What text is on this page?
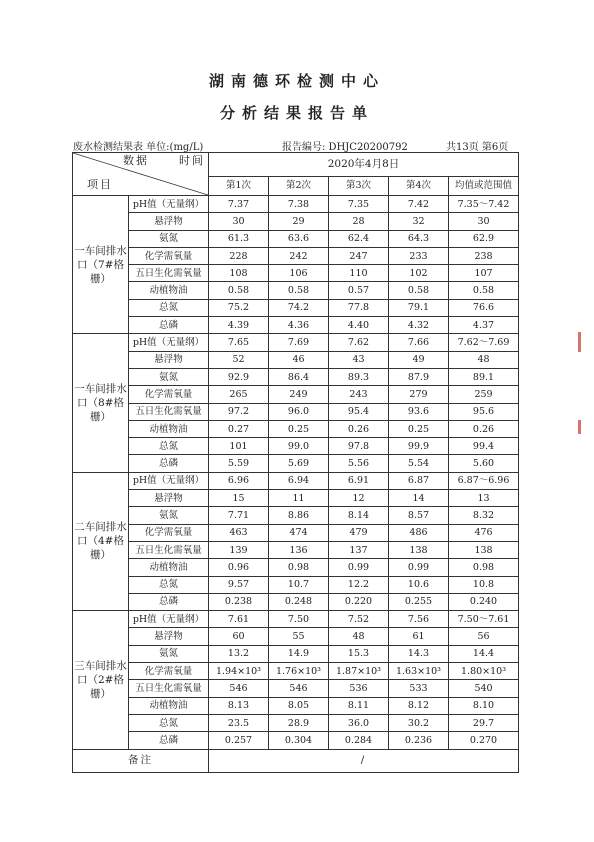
湖南德环检测中心
分析结果报告单
废水检测结果表 单位:(mg/L)	报告编号: DHJC20200792	共13页 第6页
数据 时间
项目		2020年4月8日				
		第1次	第2次	第3次	第4次	均值或范围值
一车间排水口（7#格栅）	pH值（无量纲）	7.37	7.38	7.35	7.42	7.35～7.42
	悬浮物	30	29	28	32	30
	氨氮	61.3	63.6	62.4	64.3	62.9
	化学需氧量	228	242	247	233	238
	五日生化需氧量	108	106	110	102	107
	动植物油	0.58	0.58	0.57	0.58	0.58
	总氮	75.2	74.2	77.8	79.1	76.6
	总磷	4.39	4.36	4.40	4.32	4.37
一车间排水口（8#格栅）	pH值（无量纲）	7.65	7.69	7.62	7.66	7.62～7.69
	悬浮物	52	46	43	49	48
	氨氮	92.9	86.4	89.3	87.9	89.1
	化学需氧量	265	249	243	279	259
	五日生化需氧量	97.2	96.0	95.4	93.6	95.6
	动植物油	0.27	0.25	0.26	0.25	0.26
	总氮	101	99.0	97.8	99.9	99.4
	总磷	5.59	5.69	5.56	5.54	5.60
二车间排水口（4#格栅）	pH值（无量纲）	6.96	6.94	6.91	6.87	6.87～6.96
	悬浮物	15	11	12	14	13
	氨氮	7.71	8.86	8.14	8.57	8.32
	化学需氧量	463	474	479	486	476
	五日生化需氧量	139	136	137	138	138
	动植物油	0.96	0.98	0.99	0.99	0.98
	总氮	9.57	10.7	12.2	10.6	10.8
	总磷	0.238	0.248	0.220	0.255	0.240
三车间排水口（2#格栅）	pH值（无量纲）	7.61	7.50	7.52	7.56	7.50～7.61
	悬浮物	60	55	48	61	56
	氨氮	13.2	14.9	15.3	14.3	14.4
	化学需氧量	1.94×10³	1.76×10³	1.87×10³	1.63×10³	1.80×10³
	五日生化需氧量	546	546	536	533	540
	动植物油	8.13	8.05	8.11	8.12	8.10
	总氮	23.5	28.9	36.0	30.2	29.7
	总磷	0.257	0.304	0.284	0.236	0.270
备注		/				
